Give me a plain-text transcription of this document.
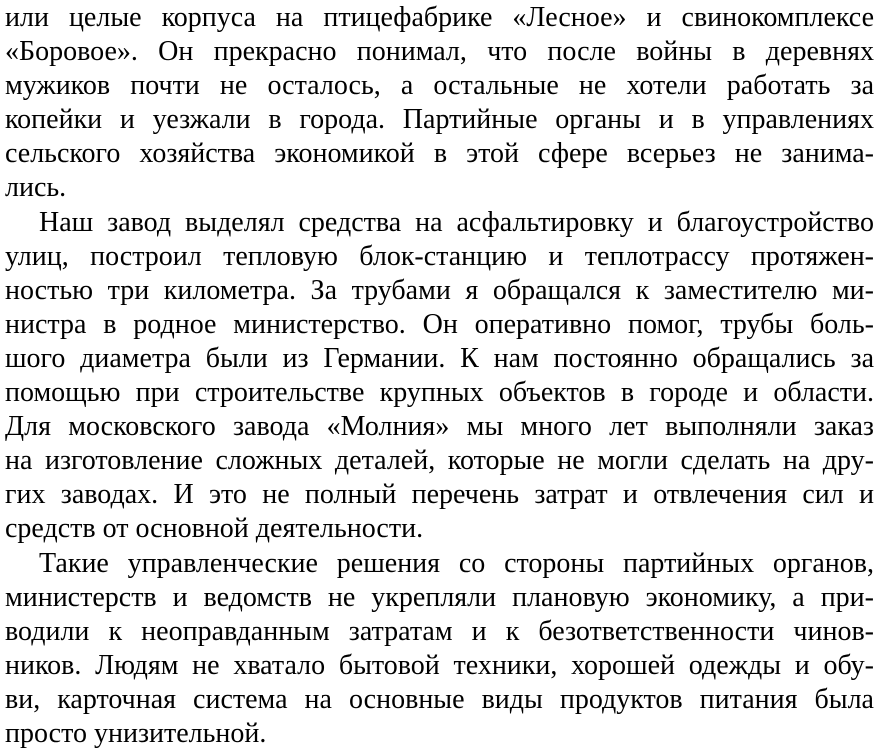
или целые корпуса на птицефабрике «Лесное» и свинокомплексе
«Боровое». Он прекрасно понимал, что после войны в деревнях
мужиков почти не осталось, а остальные не хотели работать за
копейки и уезжали в города. Партийные органы и в управлениях
сельского хозяйства экономикой в этой сфере всерьез не занима-
лись.
Наш завод выделял средства на асфальтировку и благоустройство
улиц, построил тепловую блок-станцию и теплотрассу протяжен-
ностью три километра. За трубами я обращался к заместителю ми-
нистра в родное министерство. Он оперативно помог, трубы боль-
шого диаметра были из Германии. К нам постоянно обращались за
помощью при строительстве крупных объектов в городе и области.
Для московского завода «Молния» мы много лет выполняли заказ
на изготовление сложных деталей, которые не могли сделать на дру-
гих заводах. И это не полный перечень затрат и отвлечения сил и
средств от основной деятельности.
Такие управленческие решения со стороны партийных органов,
министерств и ведомств не укрепляли плановую экономику, а при-
водили к неоправданным затратам и к безответственности чинов-
ников. Людям не хватало бытовой техники, хорошей одежды и обу-
ви, карточная система на основные виды продуктов питания была
просто унизительной.
